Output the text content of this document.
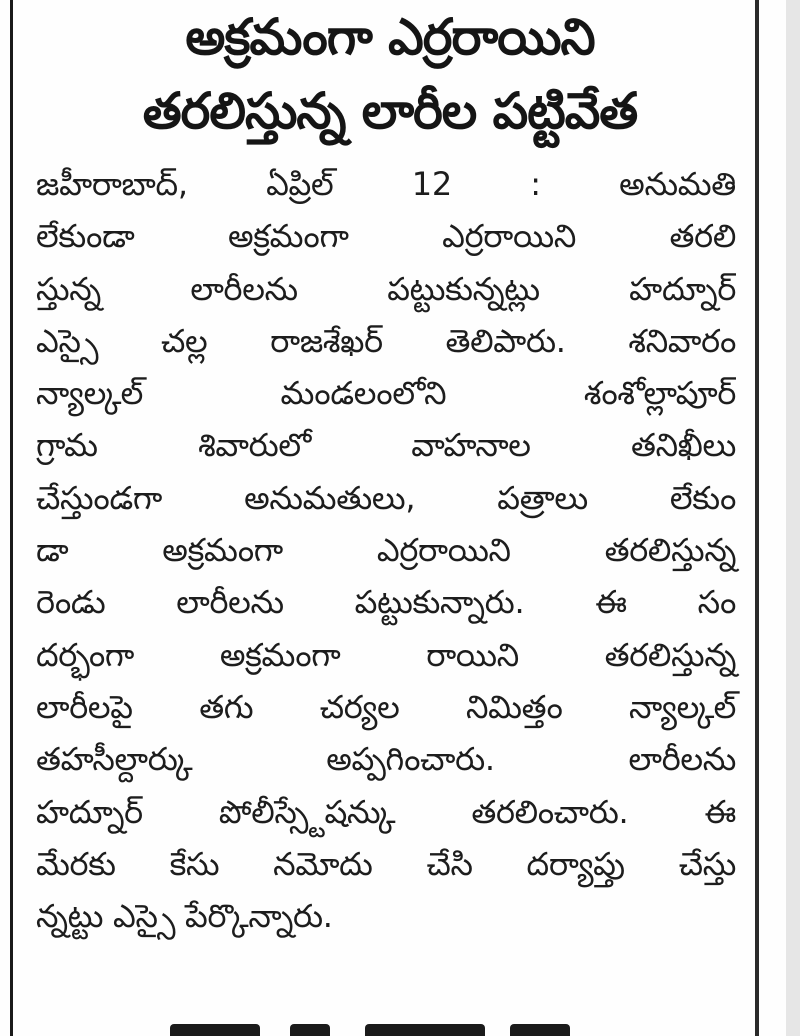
అక్రమంగా ఎర్రరాయిని
తరలిస్తున్న లారీల పట్టివేత
జహీరాబాద్, ఏప్రిల్ 12 : అనుమతి
లేకుండా అక్రమంగా ఎర్రరాయిని తరలి
స్తున్న లారీలను పట్టుకున్నట్లు హద్నూర్
ఎస్సై చల్ల రాజశేఖర్ తెలిపారు. శనివారం
న్యాల్కల్ మండలంలోని శంశోల్లాపూర్
గ్రామ శివారులో వాహనాల తనిఖీలు
చేస్తుండగా అనుమతులు, పత్రాలు లేకుం
డా అక్రమంగా ఎర్రరాయిని తరలిస్తున్న
రెండు లారీలను పట్టుకున్నారు. ఈ సం
దర్భంగా అక్రమంగా రాయిని తరలిస్తున్న
లారీలపై తగు చర్యల నిమిత్తం న్యాల్కల్
తహసీల్దార్కు అప్పగించారు. లారీలను
హద్నూర్ పోలీస్స్టేషన్కు తరలించారు. ఈ
మేరకు కేసు నమోదు చేసి దర్యాప్తు చేస్తు
న్నట్టు ఎస్సై పేర్కొన్నారు.
